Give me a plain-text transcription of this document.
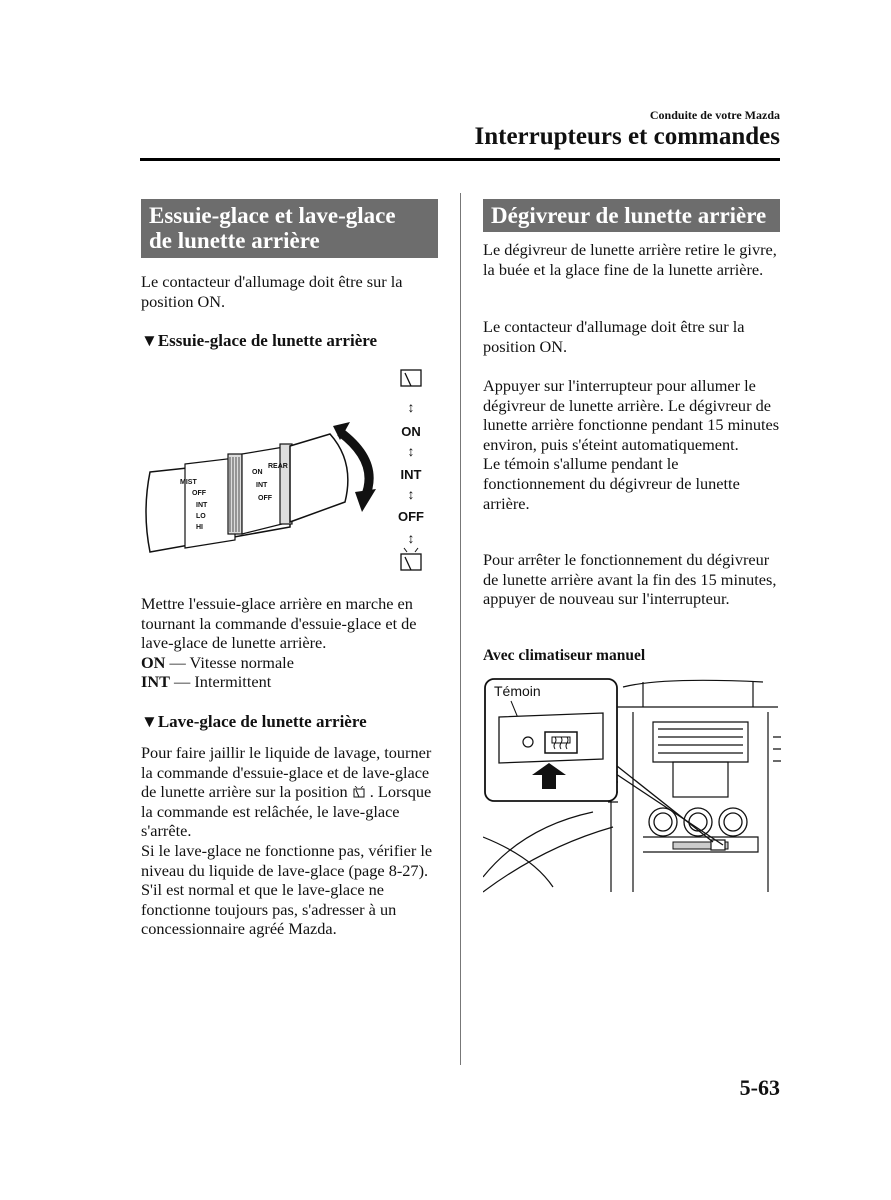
Conduite de votre Mazda
Interrupteurs et commandes
Essuie-glace et lave-glace
de lunette arrière

Le contacteur d'allumage doit être sur la position ON.

▼Essuie-glace de lunette arrière
MIST
OFF
INT
LO
HI
ON
INT
OFF
REAR
↕
ON
↕
INT
↕
OFF
↕

Mettre l'essuie-glace arrière en marche en tournant la commande d'essuie-glace et de lave-glace de lunette arrière.

ON — Vitesse normale
INT — Intermittent
▼Lave-glace de lunette arrière

Pour faire jaillir le liquide de lavage, tourner la commande d'essuie-glace et de lave-glace de lunette arrière sur la position  . Lorsque la commande est relâchée, le lave-glace s'arrête.

Si le lave-glace ne fonctionne pas, vérifier le niveau du liquide de lave-glace (page 8-27). S'il est normal et que le lave-glace ne fonctionne toujours pas, s'adresser à un concessionnaire agréé Mazda.

Dégivreur de lunette arrière

Le dégivreur de lunette arrière retire le givre, la buée et la glace fine de la lunette arrière.

Le contacteur d'allumage doit être sur la position ON.

Appuyer sur l'interrupteur pour allumer le dégivreur de lunette arrière. Le dégivreur de lunette arrière fonctionne pendant 15 minutes environ, puis s'éteint automatiquement.

Le témoin s'allume pendant le fonctionnement du dégivreur de lunette arrière.

Pour arrêter le fonctionnement du dégivreur de lunette arrière avant la fin des 15 minutes, appuyer de nouveau sur l'interrupteur.

Avec climatiseur manuel
Témoin
5-63
